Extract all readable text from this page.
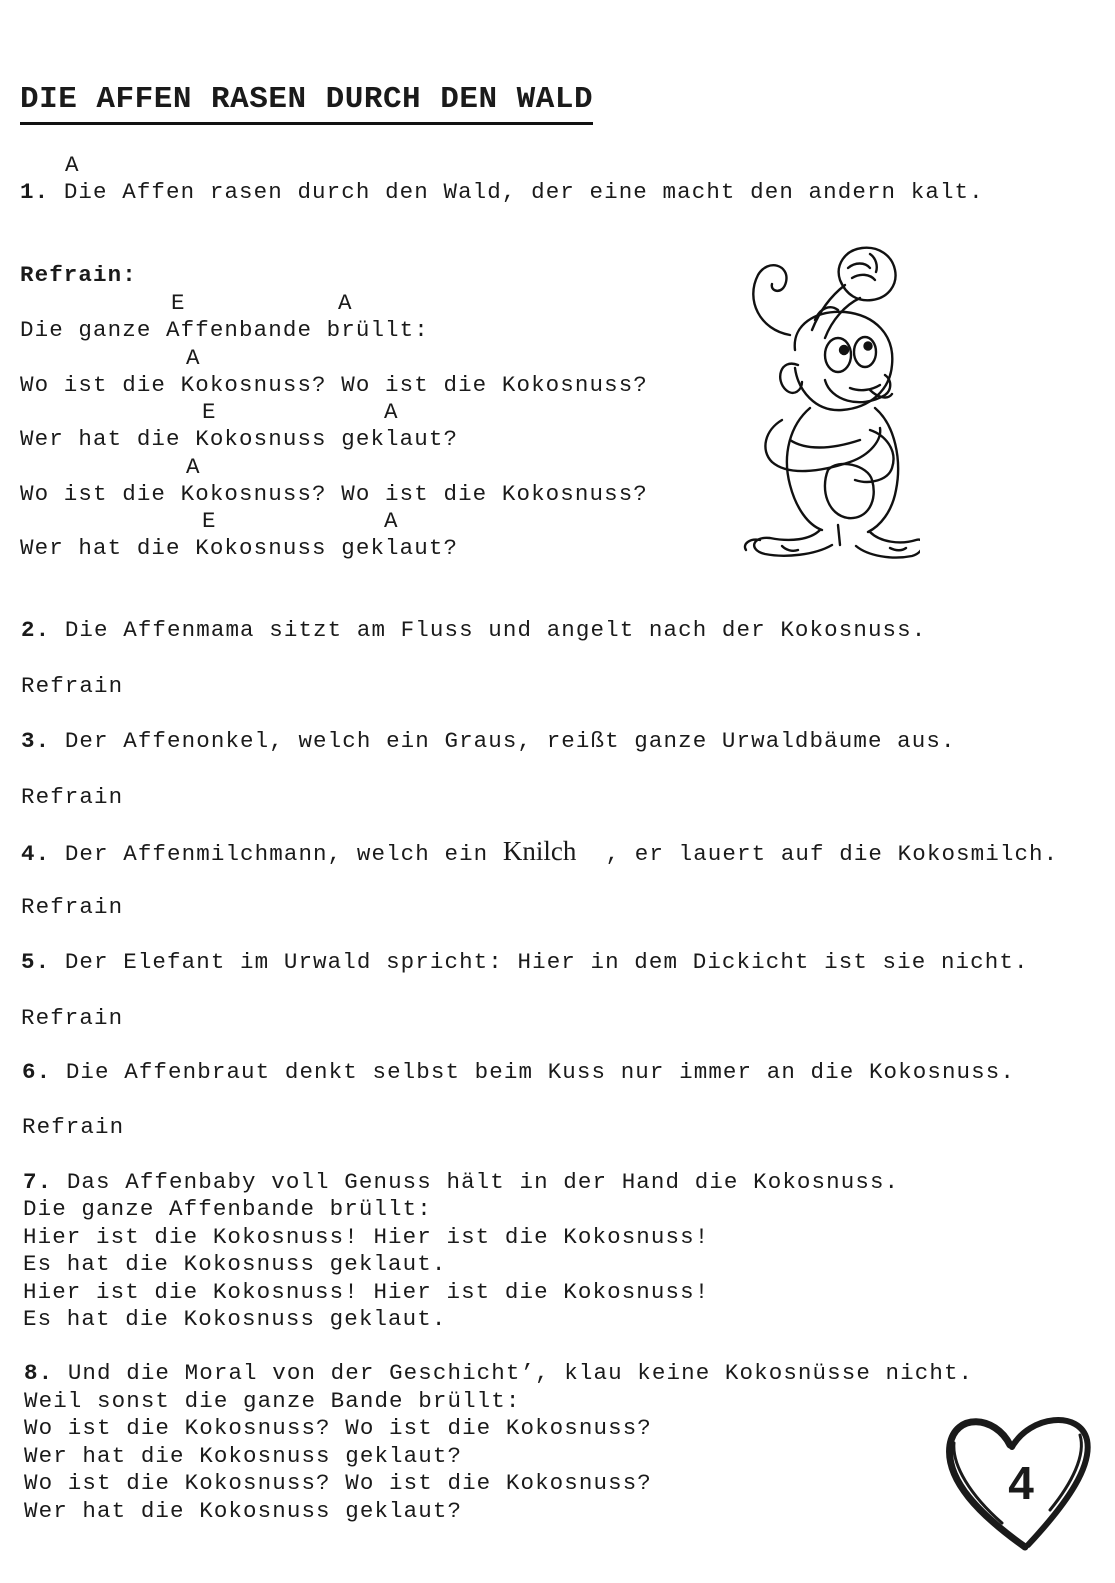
DIE AFFEN RASEN DURCH DEN WALD
A
1. Die Affen rasen durch den Wald, der eine macht den andern kalt.
Refrain:
E	A
Die ganze Affenbande brüllt:
A
Wo ist die Kokosnuss? Wo ist die Kokosnuss?
E	A
Wer hat die Kokosnuss geklaut?
A
Wo ist die Kokosnuss? Wo ist die Kokosnuss?
E	A
Wer hat die Kokosnuss geklaut?
2. Die Affenmama sitzt am Fluss und angelt nach der Kokosnuss.
Refrain
3. Der Affenonkel, welch ein Graus, reißt ganze Urwaldbäume aus.
Refrain
4. Der Affenmilchmann, welch ein Knilch  , er lauert auf die Kokosmilch.
Refrain
5. Der Elefant im Urwald spricht: Hier in dem Dickicht ist sie nicht.
Refrain
6. Die Affenbraut denkt selbst beim Kuss nur immer an die Kokosnuss.
Refrain
7. Das Affenbaby voll Genuss hält in der Hand die Kokosnuss.
Die ganze Affenbande brüllt:
Hier ist die Kokosnuss! Hier ist die Kokosnuss!
Es hat die Kokosnuss geklaut.
Hier ist die Kokosnuss! Hier ist die Kokosnuss!
Es hat die Kokosnuss geklaut.
8. Und die Moral von der Geschicht’, klau keine Kokosnüsse nicht.
Weil sonst die ganze Bande brüllt:
Wo ist die Kokosnuss? Wo ist die Kokosnuss?
Wer hat die Kokosnuss geklaut?
Wo ist die Kokosnuss? Wo ist die Kokosnuss?
Wer hat die Kokosnuss geklaut?
4
